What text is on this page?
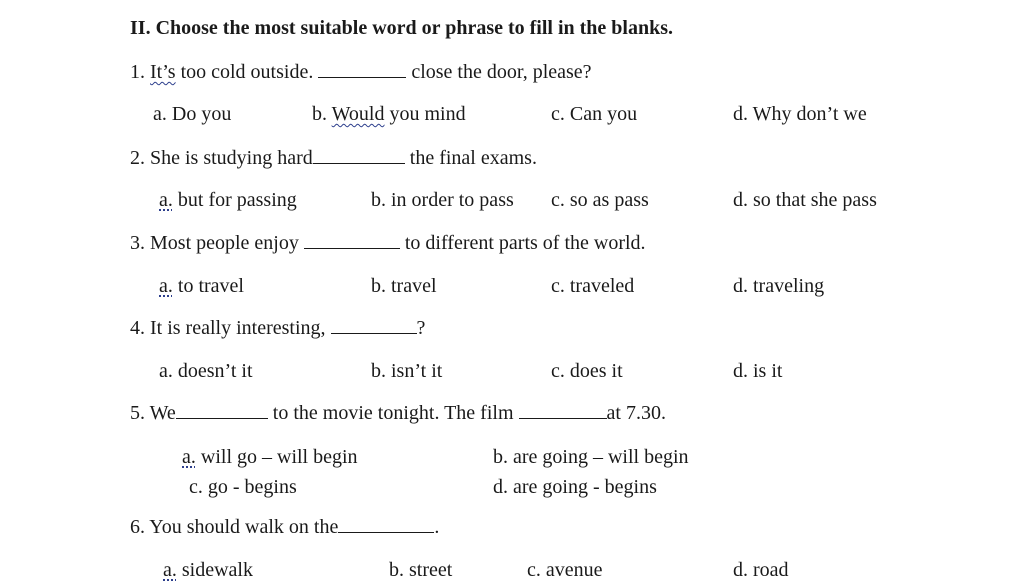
II. Choose the most suitable word or phrase to fill in the blanks.
1. It’s too cold outside.	close the door, please?
a. Do you	b. Would you mind	c. Can you	d. Why don’t we
2. She is studying hard	the final exams.
a. but for passing	b. in order to pass c. so as pass	d. so that she pass
3. Most people enjoy	to different parts of the world.
a. to travel	b. travel	c. traveled	d. traveling
4. It is really interesting,	?
a. doesn’t it	b. isn’t it	c. does it	d. is it
5. We	to the movie tonight. The film	at 7.30.
a. will go – will begin	b. are going – will begin
c. go - begins	d. are going - begins
6. You should walk on the	.
a. sidewalk	b. street	c. avenue	d. road
